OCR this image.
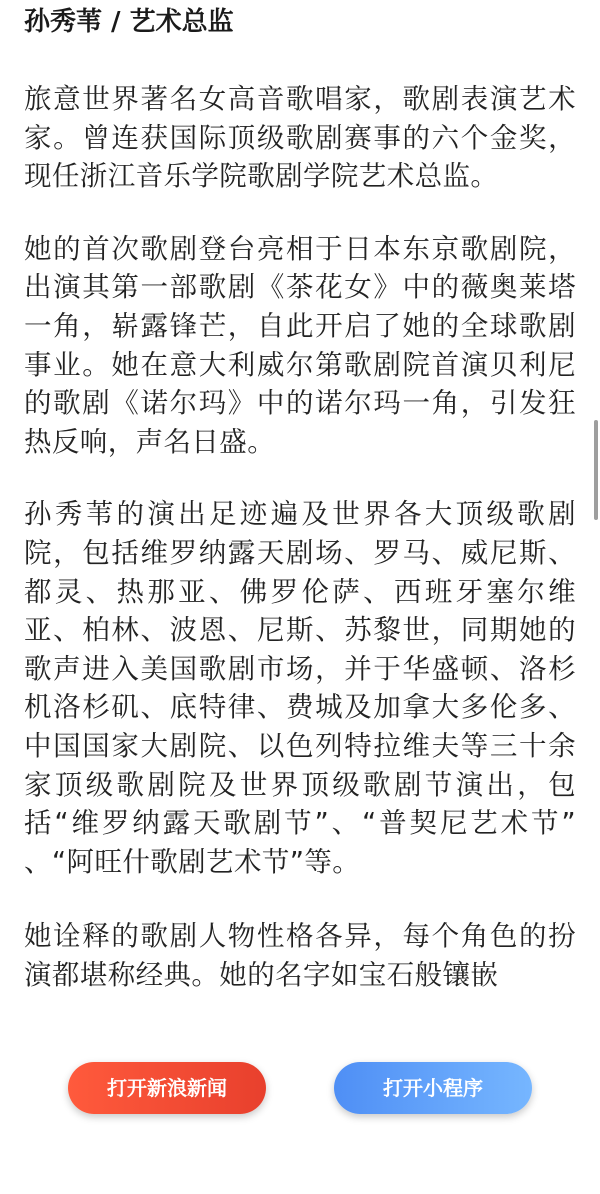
孙秀苇 / 艺术总监

旅意世界著名女高音歌唱家，歌剧表演艺术家。曾连获国际顶级歌剧赛事的六个金奖，现任浙江音乐学院歌剧学院艺术总监。

她的首次歌剧登台亮相于日本东京歌剧院，出演其第一部歌剧《茶花女》中的薇奥莱塔一角，崭露锋芒，自此开启了她的全球歌剧事业。她在意大利威尔第歌剧院首演贝利尼的歌剧《诺尔玛》中的诺尔玛一角，引发狂热反响，声名日盛。

孙秀苇的演出足迹遍及世界各大顶级歌剧院，包括维罗纳露天剧场、罗马、威尼斯、都灵、热那亚、佛罗伦萨、西班牙塞尔维亚、柏林、波恩、尼斯、苏黎世，同期她的歌声进入美国歌剧市场，并于华盛顿、洛杉机洛杉矶、底特律、费城及加拿大多伦多、中国国家大剧院、以色列特拉维夫等三十余家顶级歌剧院及世界顶级歌剧节演出，包括“维罗纳露天歌剧节”、“普契尼艺术节” 、“阿旺什歌剧艺术节”等。

她诠释的歌剧人物性格各异，每个角色的扮演都堪称经典。她的名字如宝石般镶嵌

打开新浪新闻	打开小程序
